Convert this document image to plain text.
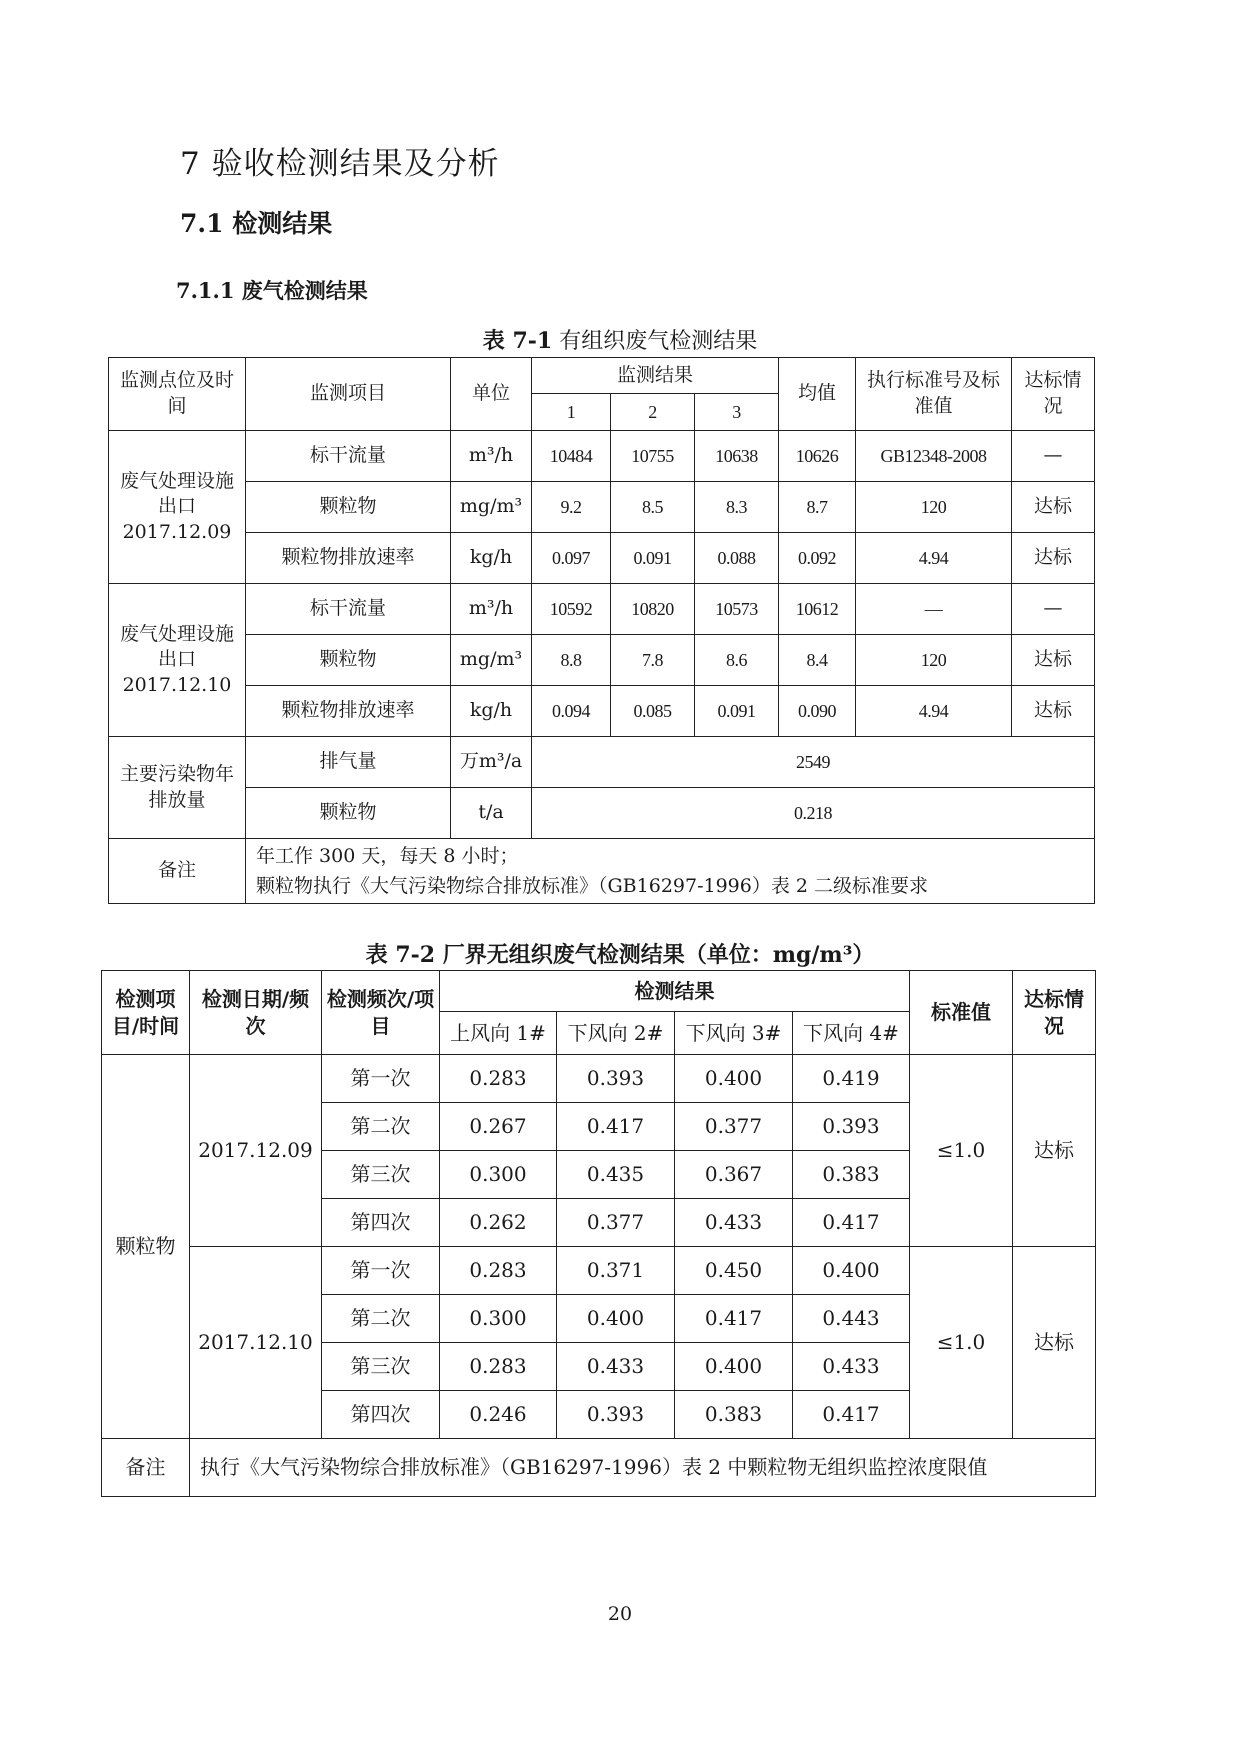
7 验收检测结果及分析
7.1 检测结果
7.1.1 废气检测结果
表 7-1 有组织废气检测结果
监测点位及时间	监测项目	单位	监测结果			均值	执行标准号及标准值	达标情况
			1	2	3			
废气处理设施出口
2017.12.09	标干流量	m³/h	10484	10755	10638	10626	GB12348-2008	—
	颗粒物	mg/m³	9.2	8.5	8.3	8.7	120	达标
	颗粒物排放速率	kg/h	0.097	0.091	0.088	0.092	4.94	达标
废气处理设施出口
2017.12.10	标干流量	m³/h	10592	10820	10573	10612	—	—
	颗粒物	mg/m³	8.8	7.8	8.6	8.4	120	达标
	颗粒物排放速率	kg/h	0.094	0.085	0.091	0.090	4.94	达标
主要污染物年排放量	排气量	万m³/a	2549					
	颗粒物	t/a	0.218					
备注	年工作 300 天，每天 8 小时；
颗粒物执行《大气污染物综合排放标准》（GB16297-1996）表 2 二级标准要求							
表 7-2 厂界无组织废气检测结果（单位：mg/m³）
检测项目/时间	检测日期/频次	检测频次/项目	检测结果				标准值	达标情况
			上风向 1#	下风向 2#	下风向 3#	下风向 4#		
颗粒物	2017.12.09	第一次	0.283	0.393	0.400	0.419	≤1.0	达标
		第二次	0.267	0.417	0.377	0.393		
		第三次	0.300	0.435	0.367	0.383		
		第四次	0.262	0.377	0.433	0.417		
	2017.12.10	第一次	0.283	0.371	0.450	0.400	≤1.0	达标
		第二次	0.300	0.400	0.417	0.443		
		第三次	0.283	0.433	0.400	0.433		
		第四次	0.246	0.393	0.383	0.417		
备注	执行《大气污染物综合排放标准》（GB16297-1996）表 2 中颗粒物无组织监控浓度限值							
20
